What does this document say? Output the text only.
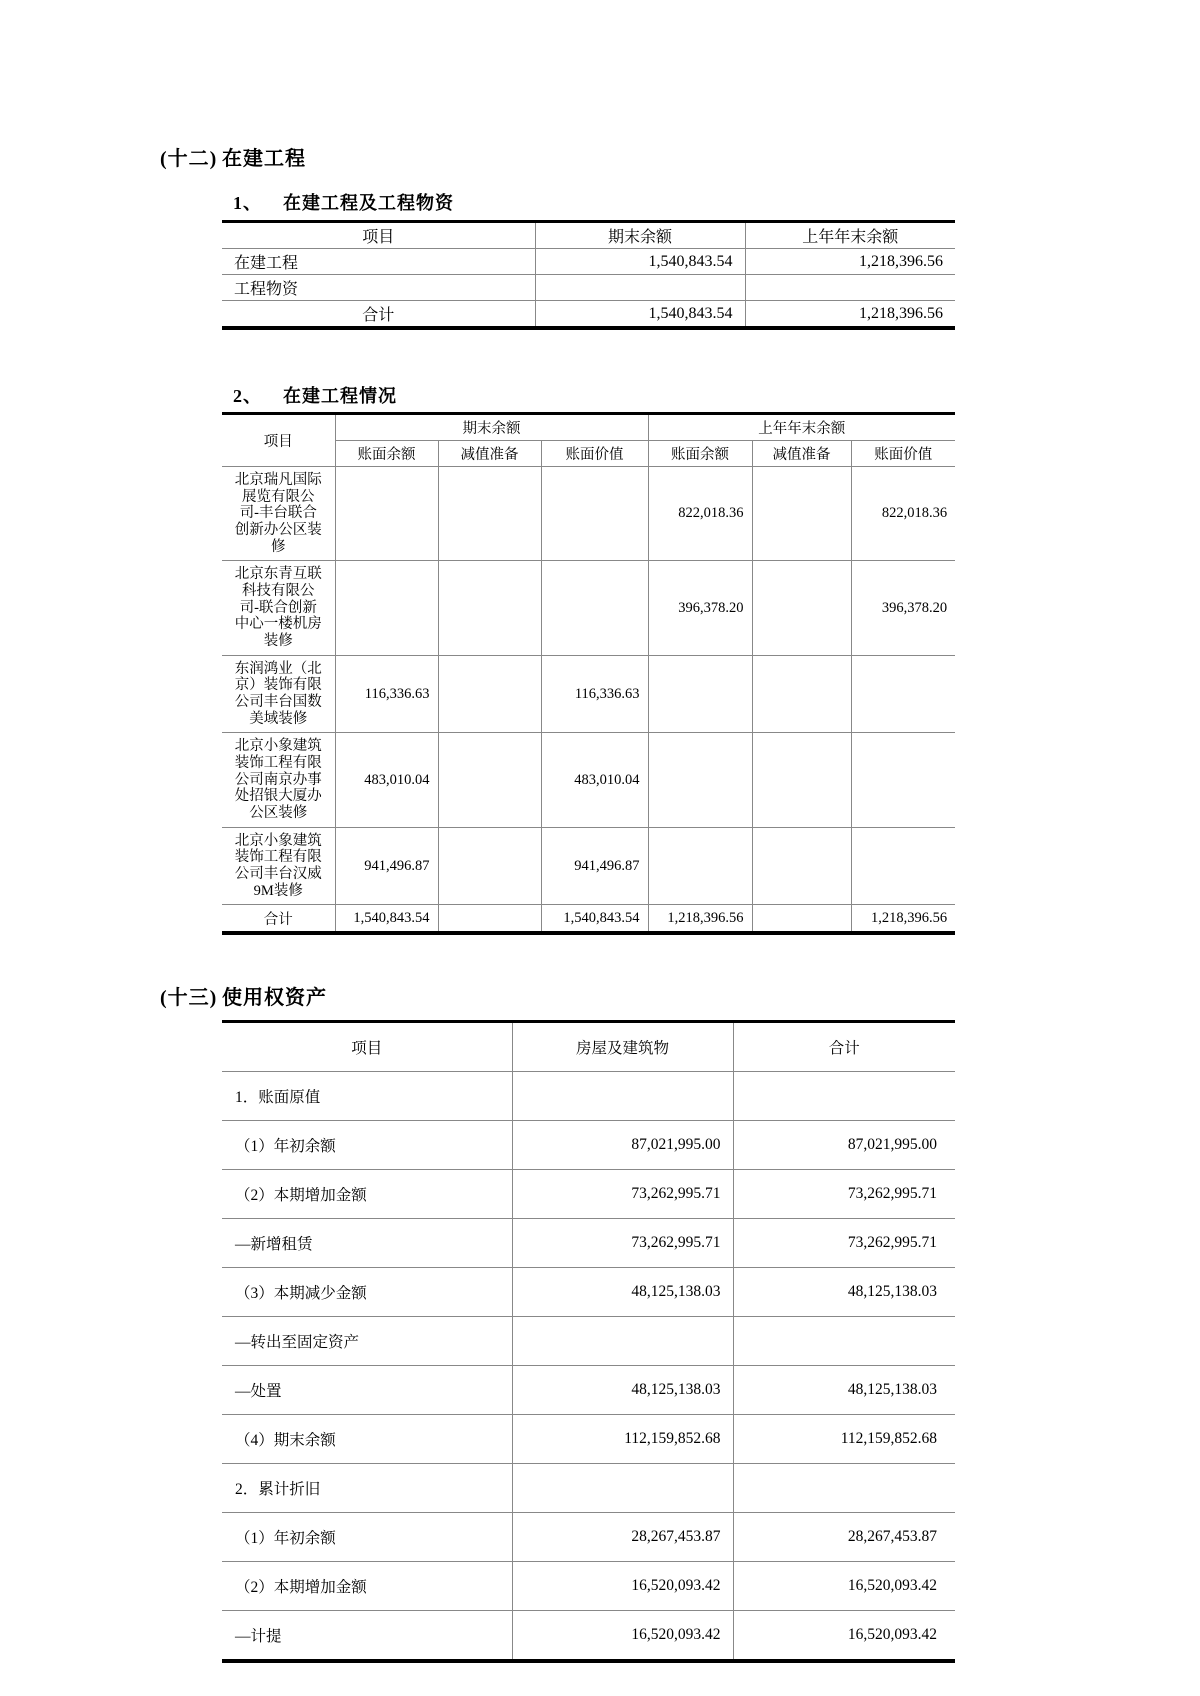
(十二) 在建工程
1、 在建工程及工程物资
项目	期末余额	上年年末余额
在建工程	1,540,843.54	1,218,396.56
工程物资		
合计	1,540,843.54	1,218,396.56
2、 在建工程情况
项目	期末余额			上年年末余额		
	账面余额	减值准备	账面价值	账面余额	减值准备	账面价值
北京瑞凡国际展览有限公司-丰台联合创新办公区装修				822,018.36		822,018.36
北京东青互联科技有限公司-联合创新中心一楼机房装修				396,378.20		396,378.20
东润鸿业（北京）装饰有限公司丰台国数美域装修	116,336.63		116,336.63			
北京小象建筑装饰工程有限公司南京办事处招银大厦办公区装修	483,010.04		483,010.04			
北京小象建筑装饰工程有限公司丰台汉威9M装修	941,496.87		941,496.87			
合计	1,540,843.54		1,540,843.54	1,218,396.56		1,218,396.56
(十三) 使用权资产
项目	房屋及建筑物	合计
1．账面原值		
（1）年初余额	87,021,995.00	87,021,995.00
（2）本期增加金额	73,262,995.71	73,262,995.71
—新增租赁	73,262,995.71	73,262,995.71
（3）本期减少金额	48,125,138.03	48,125,138.03
—转出至固定资产		
—处置	48,125,138.03	48,125,138.03
（4）期末余额	112,159,852.68	112,159,852.68
2．累计折旧		
（1）年初余额	28,267,453.87	28,267,453.87
（2）本期增加金额	16,520,093.42	16,520,093.42
—计提	16,520,093.42	16,520,093.42
